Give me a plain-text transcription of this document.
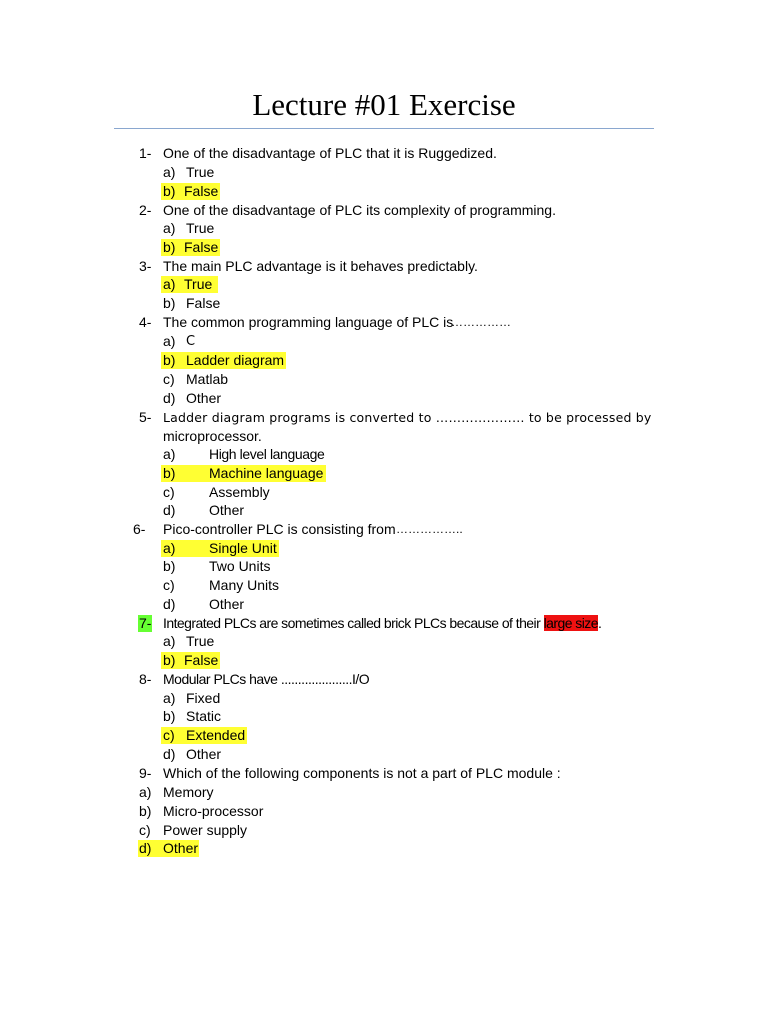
Lecture #01 Exercise
1- One of the disadvantage of PLC that it is Ruggedized.
a) True
b) False
2- One of the disadvantage of PLC its complexity of programming.
a) True
b) False
3- The main PLC advantage is it behaves predictably.
a) True
b) False
4- The common programming language of PLC is
……………
a) C
b) Ladder diagram
c) Matlab
d) Other
5- Ladder diagram programs is converted to ………………… to be processed by
microprocessor.
a) High level language
b) Machine language
c) Assembly
d) Other
6- Pico-controller PLC is consisting from ……………..
a) Single Unit
b) Two Units
c) Many Units
d) Other
7- Integrated PLCs are sometimes called brick PLCs because of their large size.
a) True
b) False
8- Modular PLCs have .....................I/O
a) Fixed
b) Static
c) Extended
d) Other
9- Which of the following components is not a part of PLC module :
a) Memory
b) Micro-processor
c) Power supply
d) Other
